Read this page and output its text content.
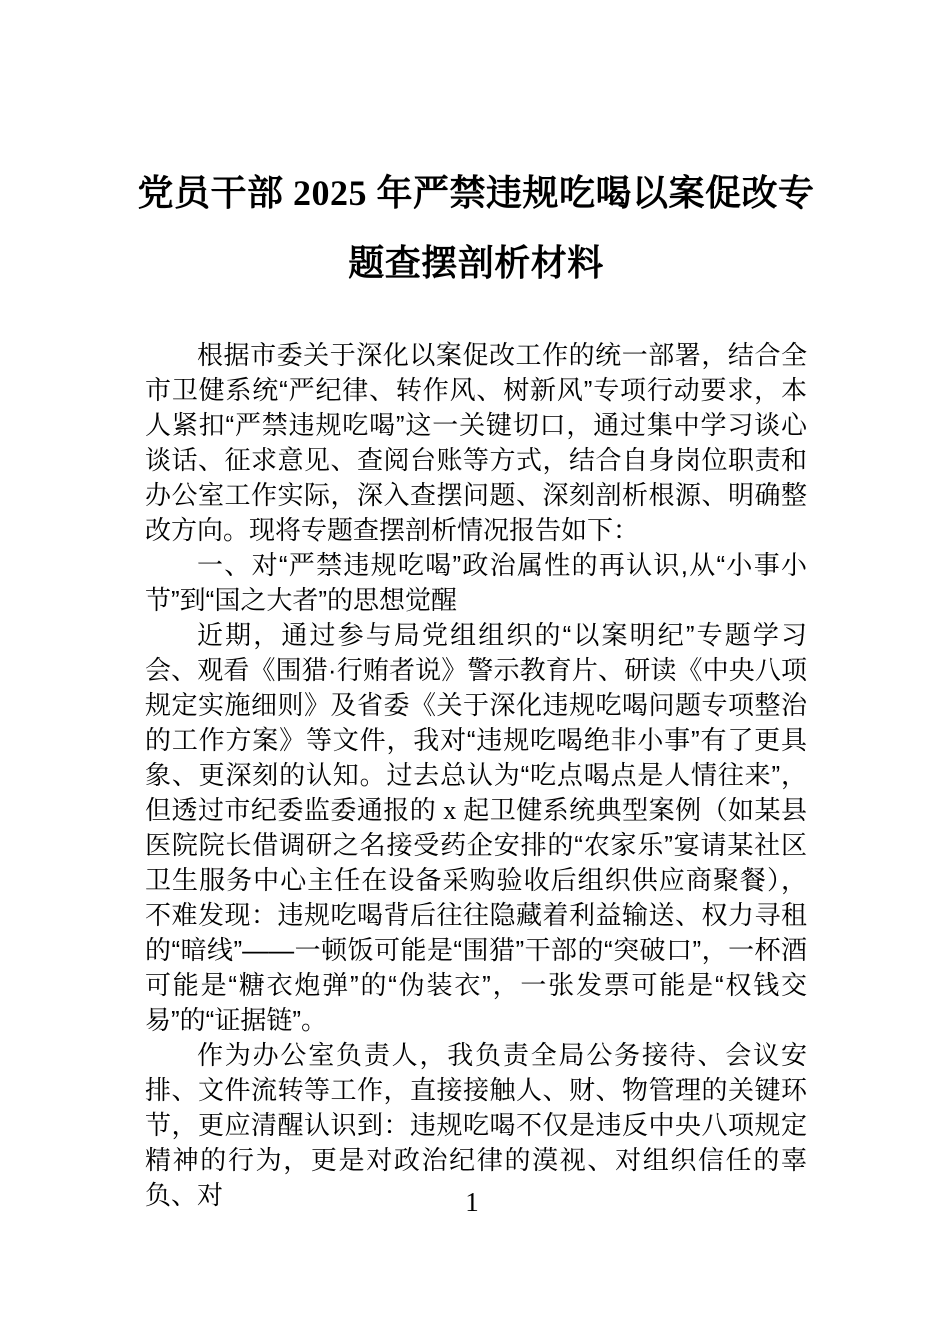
党员干部 2025 年严禁违规吃喝以案促改专题查摆剖析材料

根据市委关于深化以案促改工作的统一部署，结合全市卫健系统“严纪律、转作风、树新风”专项行动要求，本人紧扣“严禁违规吃喝”这一关键切口，通过集中学习谈心谈话、征求意见、查阅台账等方式，结合自身岗位职责和办公室工作实际，深入查摆问题、深刻剖析根源、明确整改方向。现将专题查摆剖析情况报告如下：

一、对“严禁违规吃喝”政治属性的再认识,从“小事小节”到“国之大者”的思想觉醒

近期，通过参与局党组组织的“以案明纪”专题学习会、观看《围猎·行贿者说》警示教育片、研读《中央八项规定实施细则》及省委《关于深化违规吃喝问题专项整治的工作方案》等文件，我对“违规吃喝绝非小事”有了更具象、更深刻的认知。过去总认为“吃点喝点是人情往来”，但透过市纪委监委通报的 x 起卫健系统典型案例（如某县医院院长借调研之名接受药企安排的“农家乐”宴请某社区卫生服务中心主任在设备采购验收后组织供应商聚餐），不难发现：违规吃喝背后往往隐藏着利益输送、权力寻租的“暗线”——一顿饭可能是“围猎”干部的“突破口”，一杯酒可能是“糖衣炮弹”的“伪装衣”，一张发票可能是“权钱交易”的“证据链”。

作为办公室负责人，我负责全局公务接待、会议安排、文件流转等工作，直接接触人、财、物管理的关键环节，更应清醒认识到：违规吃喝不仅是违反中央八项规定精神的行为，更是对政治纪律的漠视、对组织信任的辜负、对	1
